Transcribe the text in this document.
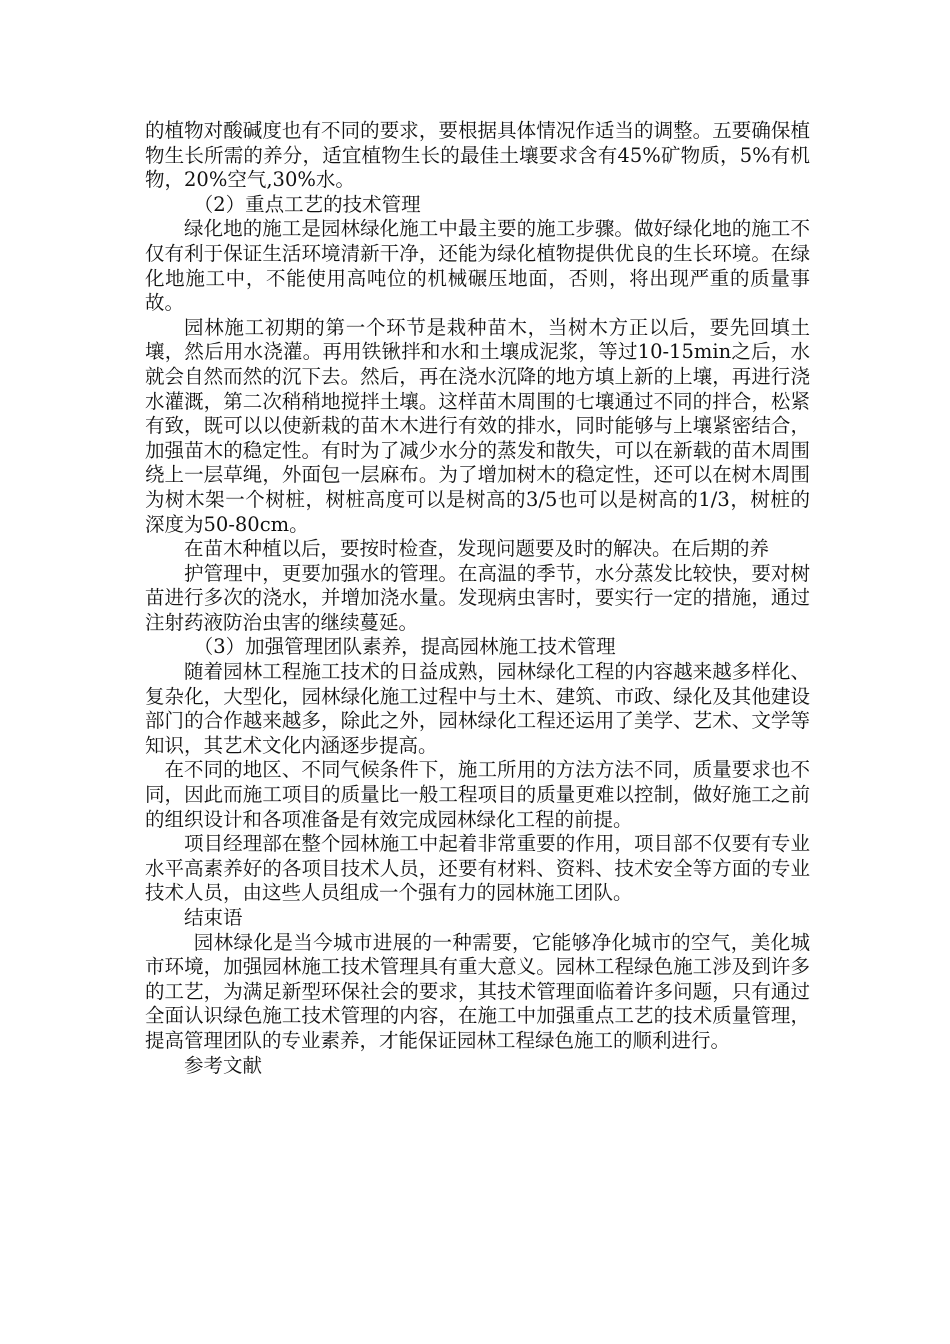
的植物对酸碱度也有不同的要求，要根据具体情况作适当的调整。五要确保植物生长所需的养分，适宜植物生长的最佳土壤要求含有45%矿物质，5%有机物，20%空气,30%水。

（2）重点工艺的技术管理

绿化地的施工是园林绿化施工中最主要的施工步骤。做好绿化地的施工不仅有利于保证生活环境清新干净，还能为绿化植物提供优良的生长环境。在绿化地施工中，不能使用高吨位的机械碾压地面，否则，将出现严重的质量事故。

园林施工初期的第一个环节是栽种苗木，当树木方正以后，要先回填土壤，然后用水浇灌。再用铁锹拌和水和土壤成泥浆，等过10-15min之后，水就会自然而然的沉下去。然后，再在浇水沉降的地方填上新的上壤，再进行浇水灌溉，第二次稍稍地搅拌土壤。这样苗木周围的七壤通过不同的拌合，松紧有致，既可以以使新栽的苗木木进行有效的排水，同时能够与上壤紧密结合，加强苗木的稳定性。有时为了减少水分的蒸发和散失，可以在新载的苗木周围绕上一层草绳，外面包一层麻布。为了增加树木的稳定性，还可以在树木周围为树木架一个树桩，树桩高度可以是树高的3/5也可以是树高的1/3，树桩的深度为50-80cm。

在苗木种植以后，要按时检查，发现问题要及时的解决。在后期的养

护管理中，更要加强水的管理。在高温的季节，水分蒸发比较快，要对树苗进行多次的浇水，并增加浇水量。发现病虫害时，要实行一定的措施，通过注射药液防治虫害的继续蔓延。

（3）加强管理团队素养，提高园林施工技术管理

随着园林工程施工技术的日益成熟，园林绿化工程的内容越来越多样化、复杂化，大型化，园林绿化施工过程中与土木、建筑、市政、绿化及其他建设部门的合作越来越多，除此之外，园林绿化工程还运用了美学、艺术、文学等知识，其艺术文化内涵逐步提高。

在不同的地区、不同气候条件下，施工所用的方法方法不同，质量要求也不同，因此而施工项目的质量比一般工程项目的质量更难以控制，做好施工之前的组织设计和各项准备是有效完成园林绿化工程的前提。

项目经理部在整个园林施工中起着非常重要的作用，项目部不仅要有专业水平高素养好的各项目技术人员，还要有材料、资料、技术安全等方面的专业技术人员，由这些人员组成一个强有力的园林施工团队。

结束语

园林绿化是当今城市进展的一种需要，它能够净化城市的空气，美化城市环境，加强园林施工技术管理具有重大意义。园林工程绿色施工涉及到许多的工艺，为满足新型环保社会的要求，其技术管理面临着许多问题，只有通过全面认识绿色施工技术管理的内容，在施工中加强重点工艺的技术质量管理，提高管理团队的专业素养，才能保证园林工程绿色施工的顺利进行。

参考文献
